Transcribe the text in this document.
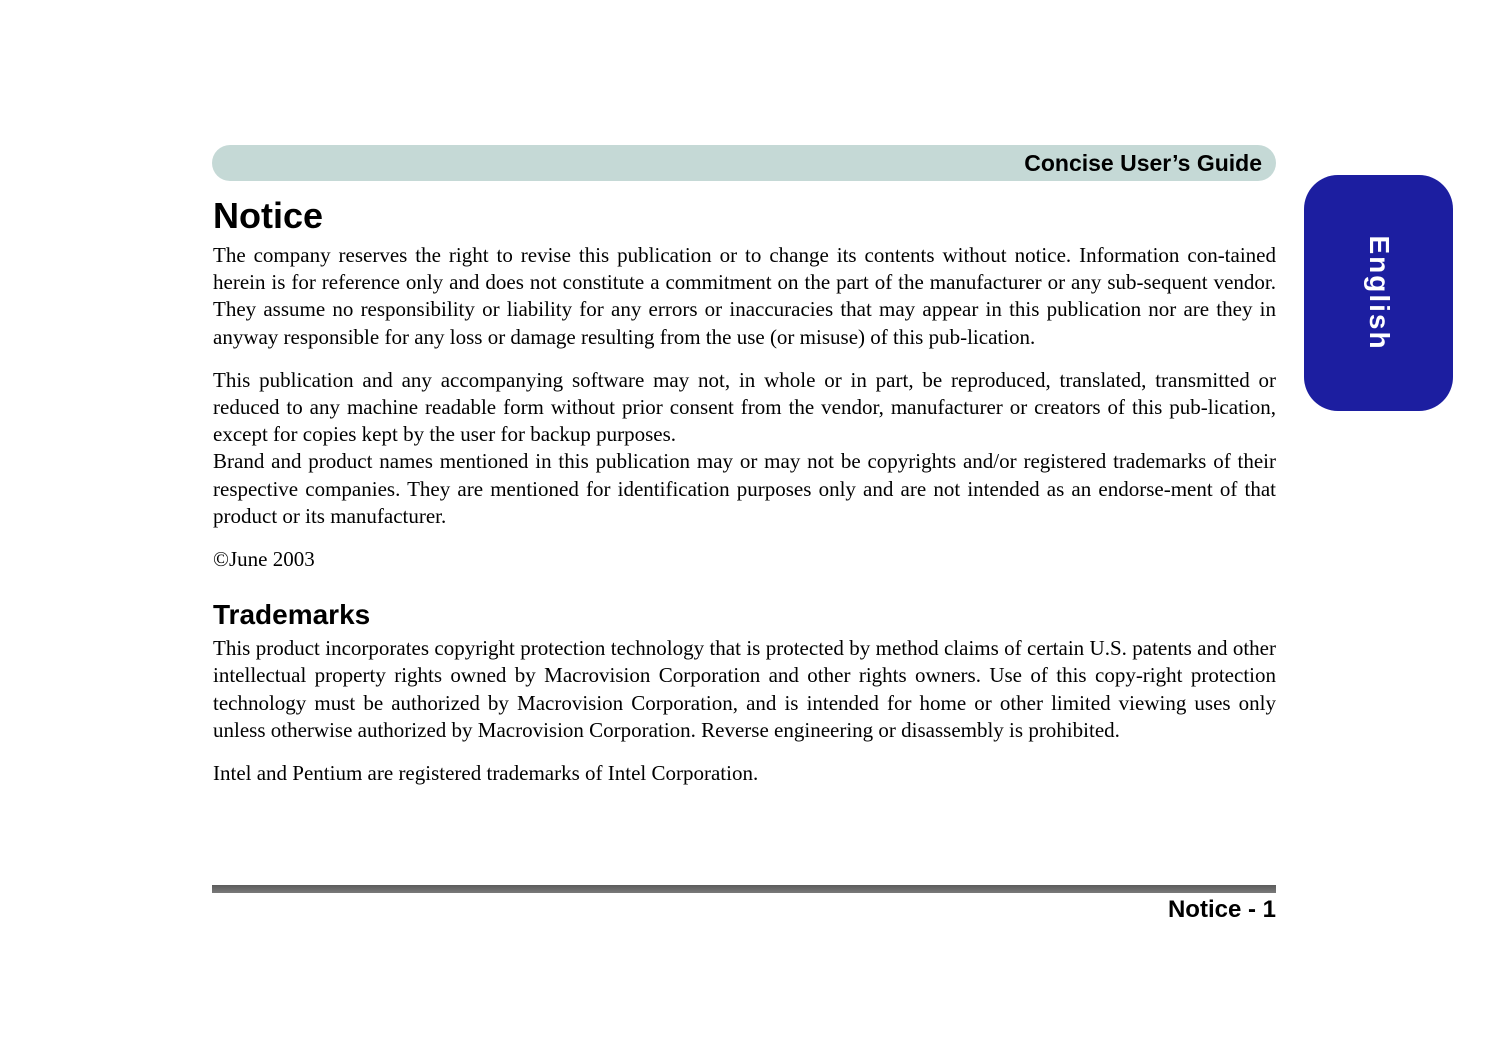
Concise User’s Guide
English
Notice

The company reserves the right to revise this publication or to change its contents without notice. Information con-tained herein is for reference only and does not constitute a commitment on the part of the manufacturer or any sub-sequent vendor. They assume no responsibility or liability for any errors or inaccuracies that may appear in this publication nor are they in anyway responsible for any loss or damage resulting from the use (or misuse) of this pub-lication.

This publication and any accompanying software may not, in whole or in part, be reproduced, translated, transmitted or reduced to any machine readable form without prior consent from the vendor, manufacturer or creators of this pub-lication, except for copies kept by the user for backup purposes.

Brand and product names mentioned in this publication may or may not be copyrights and/or registered trademarks of their respective companies. They are mentioned for identification purposes only and are not intended as an endorse-ment of that product or its manufacturer.

©June 2003

Trademarks

This product incorporates copyright protection technology that is protected by method claims of certain U.S. patents and other intellectual property rights owned by Macrovision Corporation and other rights owners. Use of this copy-right protection technology must be authorized by Macrovision Corporation, and is intended for home or other limited viewing uses only unless otherwise authorized by Macrovision Corporation. Reverse engineering or disassembly is prohibited.

Intel and Pentium are registered trademarks of Intel Corporation.

Notice - 1
